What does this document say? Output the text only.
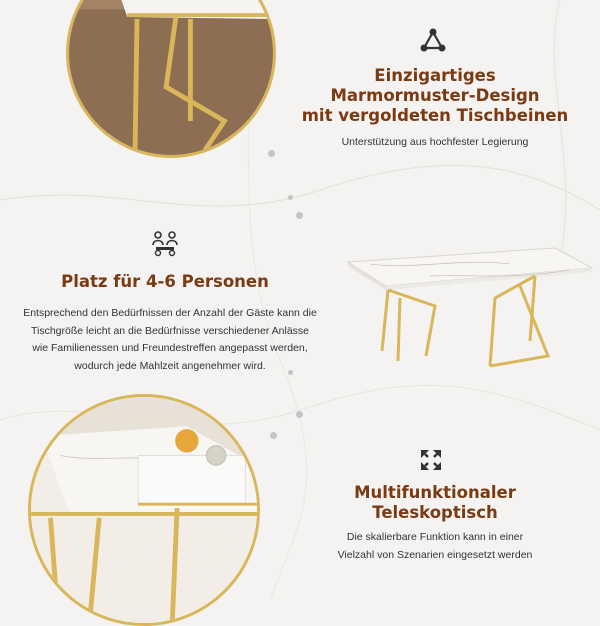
Einzigartiges
Marmormuster-Design
mit vergoldeten Tischbeinen
Unterstützung aus hochfester Legierung
Platz für 4-6 Personen
Entsprechend den Bedürfnissen der Anzahl der Gäste kann die
Tischgröße leicht an die Bedürfnisse verschiedener Anlässe
wie Familienessen und Freundestreffen angepasst werden,
wodurch jede Mahlzeit angenehmer wird.
Multifunktionaler
Teleskoptisch
Die skalierbare Funktion kann in einer
Vielzahl von Szenarien eingesetzt werden
